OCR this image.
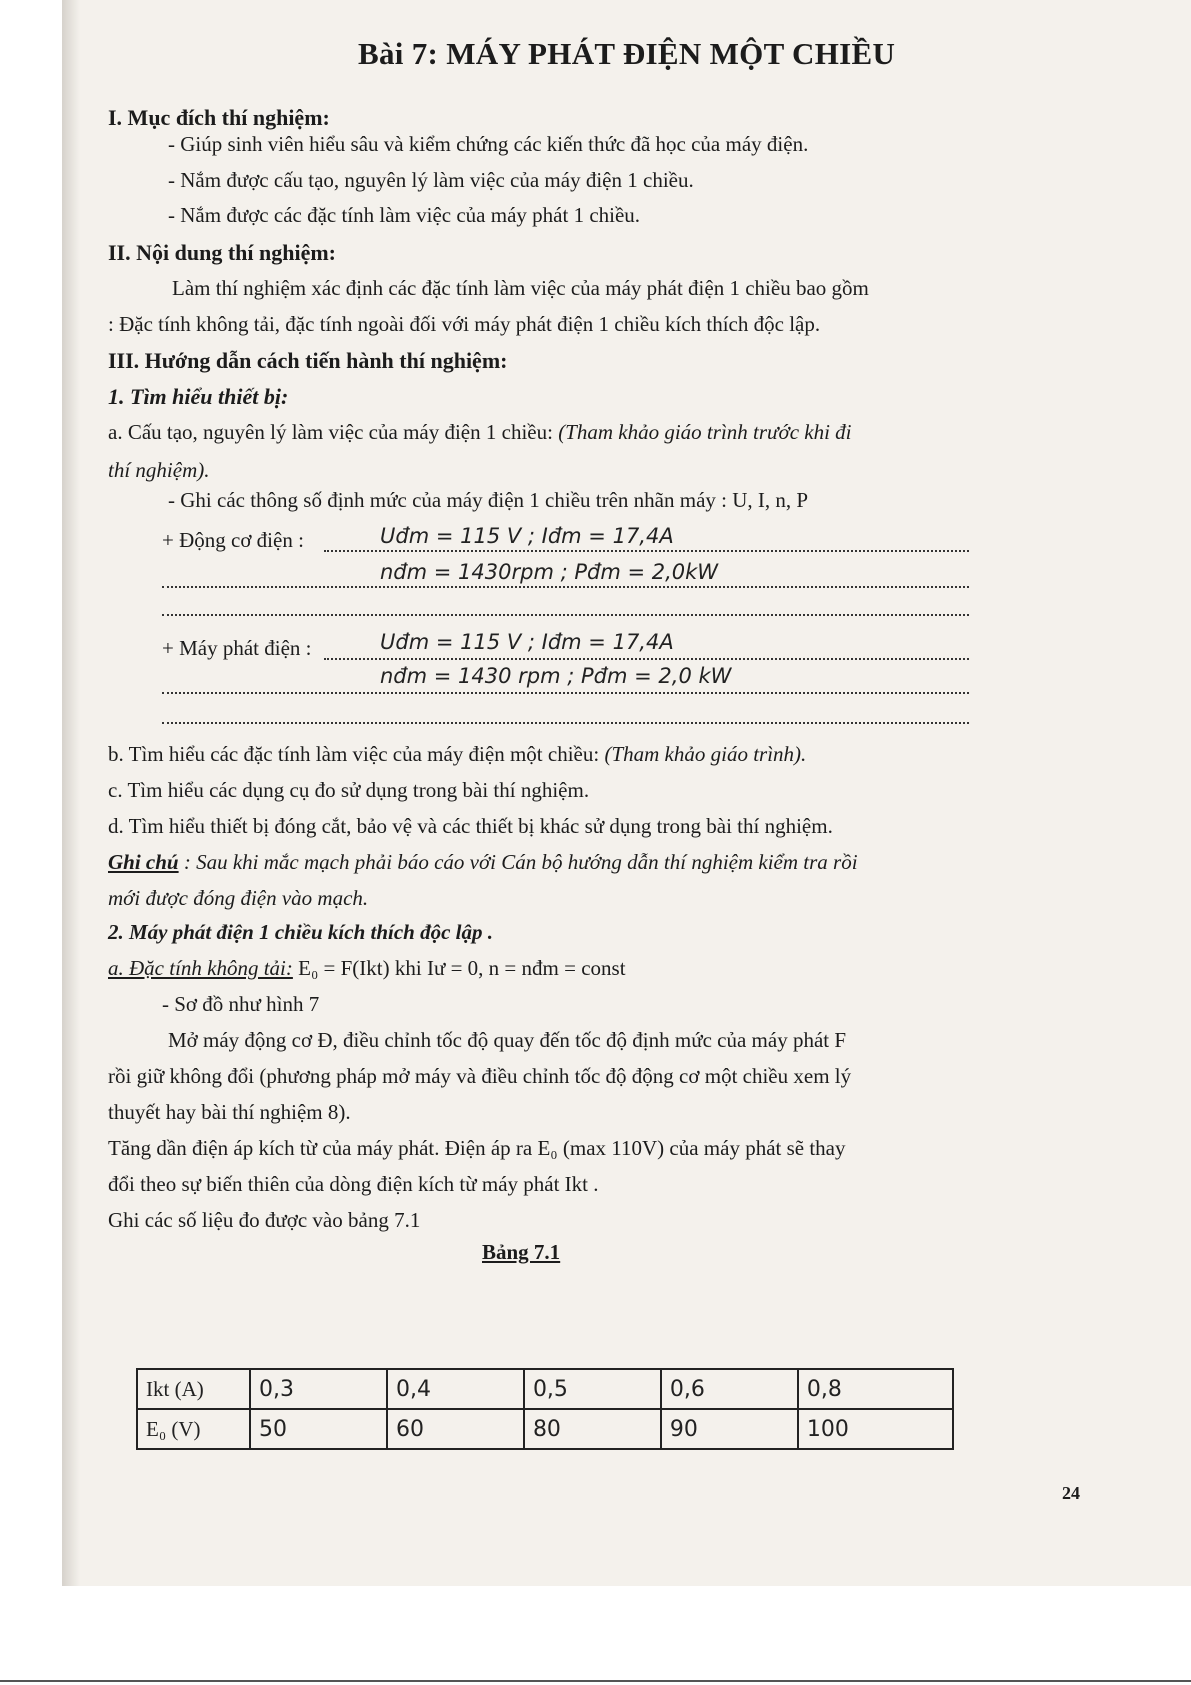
Bài 7: MÁY PHÁT ĐIỆN MỘT CHIỀU
I. Mục đích thí nghiệm:
- Giúp sinh viên hiểu sâu và kiểm chứng các kiến thức đã học của máy điện.
- Nắm được cấu tạo, nguyên lý làm việc của máy điện 1 chiều.
- Nắm được các đặc tính làm việc của máy phát 1 chiều.
II. Nội dung thí nghiệm:
Làm thí nghiệm xác định các đặc tính làm việc của máy phát điện 1 chiều bao gồm
: Đặc tính không tải, đặc tính ngoài đối với máy phát điện 1 chiều kích thích độc lập.
III. Hướng dẫn cách tiến hành thí nghiệm:
1. Tìm hiểu thiết bị:
a. Cấu tạo, nguyên lý làm việc của máy điện 1 chiều: (Tham khảo giáo trình trước khi đi
thí nghiệm).
- Ghi các thông số định mức của máy điện 1 chiều trên nhãn máy : U, I, n, P
+ Động cơ điện :	Uđm = 115 V ; Iđm = 17,4A
nđm = 1430rpm ; Pđm = 2,0kW
+ Máy phát điện :	Uđm = 115 V ; Iđm = 17,4A
nđm = 1430 rpm ; Pđm = 2,0 kW
b. Tìm hiểu các đặc tính làm việc của máy điện một chiều: (Tham khảo giáo trình).
c. Tìm hiểu các dụng cụ đo sử dụng trong bài thí nghiệm.
d. Tìm hiểu thiết bị đóng cắt, bảo vệ và các thiết bị khác sử dụng trong bài thí nghiệm.
Ghi chú : Sau khi mắc mạch phải báo cáo với Cán bộ hướng dẫn thí nghiệm kiểm tra rồi
mới được đóng điện vào mạch.
2. Máy phát điện 1 chiều kích thích độc lập .
a. Đặc tính không tải: E₀ = F(Ikt) khi Iư = 0, n = nđm = const
- Sơ đồ như hình 7
Mở máy động cơ Đ, điều chỉnh tốc độ quay đến tốc độ định mức của máy phát F
rồi giữ không đổi (phương pháp mở máy và điều chỉnh tốc độ động cơ một chiều xem lý
thuyết hay bài thí nghiệm 8).
Tăng dần điện áp kích từ của máy phát. Điện áp ra E₀ (max 110V) của máy phát sẽ thay
đổi theo sự biến thiên của dòng điện kích từ máy phát Ikt .
Ghi các số liệu đo được vào bảng 7.1
Bảng 7.1
24
Ikt (A)	0,3	0,4	0,5	0,6	0,8
E₀ (V)	50	60	80	90	100
